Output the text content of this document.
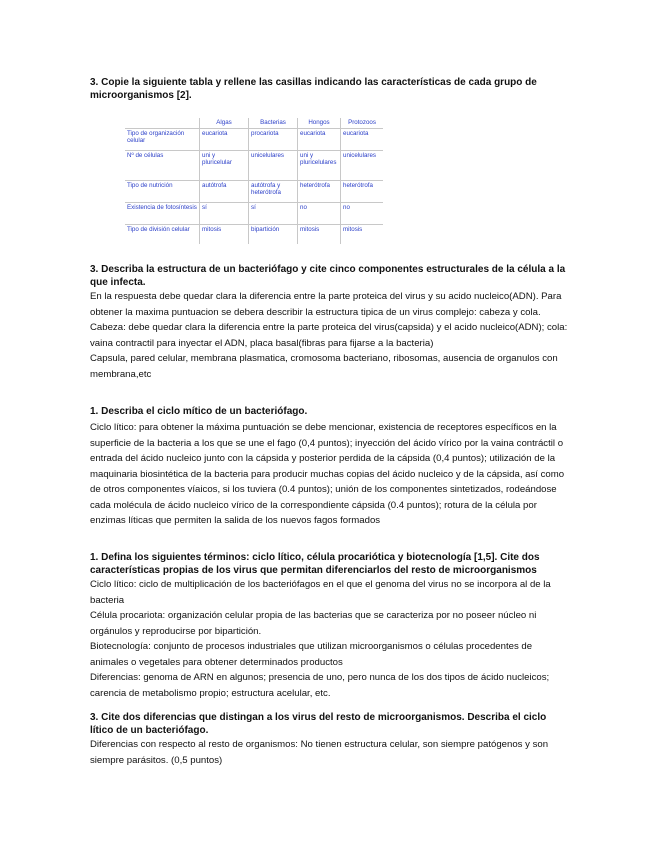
3. Copie la siguiente tabla y rellene las casillas indicando las características de cada grupo de microorganismos [2].

	Algas	Bacterias	Hongos	Protozoos
Tipo de organización celular	eucariota	procariota	eucariota	eucariota
Nº de células	uni y pluricelular	unicelulares	uni y pluricelulares	unicelulares
Tipo de nutrición	autótrofa	autótrofa y heterótrofa	heterótrofa	heterótrofa
Existencia de fotosíntesis	sí	sí	no	no
Tipo de división celular	mitosis	bipartición	mitosis	mitosis

3. Describa la estructura de un bacteriófago y cite cinco componentes estructurales de la célula a la que infecta.

En la respuesta debe quedar clara la diferencia entre la parte proteica del virus y su acido nucleico(ADN). Para obtener la maxima puntuacion se debera describir la estructura tipica de un virus complejo: cabeza y cola. Cabeza: debe quedar clara la diferencia entre la parte proteica del virus(capsida) y el acido nucleico(ADN); cola: vaina contractil para inyectar el ADN, placa basal(fibras para fijarse a la bacteria)

Capsula, pared celular, membrana plasmatica, cromosoma bacteriano, ribosomas, ausencia de organulos con membrana,etc

1. Describa el ciclo mítico de un bacteriófago.

Ciclo lítico: para obtener la máxima puntuación se debe mencionar, existencia de receptores específicos en la superficie de la bacteria a los que se une el fago (0,4 puntos); inyección del ácido vírico por la vaina contráctil o entrada del ácido nucleico junto con la cápsida y posterior perdida de la cápsida (0,4 puntos); utilización de la maquinaria biosintética de la bacteria para producir muchas copias del ácido nucleico y de la cápsida, así como de otros componentes víaicos, si los tuviera (0.4 puntos); unión de los componentes sintetizados, rodeándose cada molécula de ácido nucleico vírico de la correspondiente cápsida (0.4 puntos); rotura de la célula por enzimas líticas que permiten la salida de los nuevos fagos formados

1. Defina los siguientes términos: ciclo lítico, célula procariótica y biotecnología [1,5]. Cite dos características propias de los virus que permitan diferenciarlos del resto de microorganismos

Ciclo lítico: ciclo de multiplicación de los bacteriófagos en el que el genoma del virus no se incorpora al de la bacteria

Célula procariota: organización celular propia de las bacterias que se caracteriza por no poseer núcleo ni orgánulos y reproducirse por bipartición.

Biotecnología: conjunto de procesos industriales que utilizan microorganismos o células procedentes de animales o vegetales para obtener determinados productos

Diferencias: genoma de ARN en algunos; presencia de uno, pero nunca de los dos tipos de ácido nucleicos; carencia de metabolismo propio; estructura acelular, etc.

3. Cite dos diferencias que distingan a los virus del resto de microorganismos. Describa el ciclo lítico de un bacteriófago.

Diferencias con respecto al resto de organismos: No tienen estructura celular, son siempre patógenos y son siempre parásitos. (0,5 puntos)
